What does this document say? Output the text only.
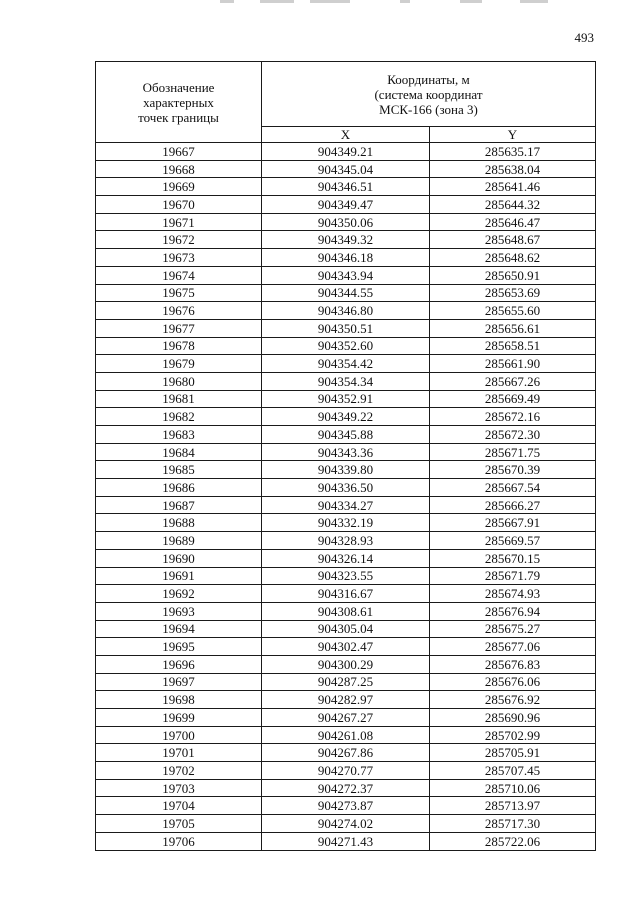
493
Обозначение
характерных
точек границы	Координаты, м
(система координат
МСК-166 (зона 3)	
	X	Y
19667	904349.21	285635.17
19668	904345.04	285638.04
19669	904346.51	285641.46
19670	904349.47	285644.32
19671	904350.06	285646.47
19672	904349.32	285648.67
19673	904346.18	285648.62
19674	904343.94	285650.91
19675	904344.55	285653.69
19676	904346.80	285655.60
19677	904350.51	285656.61
19678	904352.60	285658.51
19679	904354.42	285661.90
19680	904354.34	285667.26
19681	904352.91	285669.49
19682	904349.22	285672.16
19683	904345.88	285672.30
19684	904343.36	285671.75
19685	904339.80	285670.39
19686	904336.50	285667.54
19687	904334.27	285666.27
19688	904332.19	285667.91
19689	904328.93	285669.57
19690	904326.14	285670.15
19691	904323.55	285671.79
19692	904316.67	285674.93
19693	904308.61	285676.94
19694	904305.04	285675.27
19695	904302.47	285677.06
19696	904300.29	285676.83
19697	904287.25	285676.06
19698	904282.97	285676.92
19699	904267.27	285690.96
19700	904261.08	285702.99
19701	904267.86	285705.91
19702	904270.77	285707.45
19703	904272.37	285710.06
19704	904273.87	285713.97
19705	904274.02	285717.30
19706	904271.43	285722.06
